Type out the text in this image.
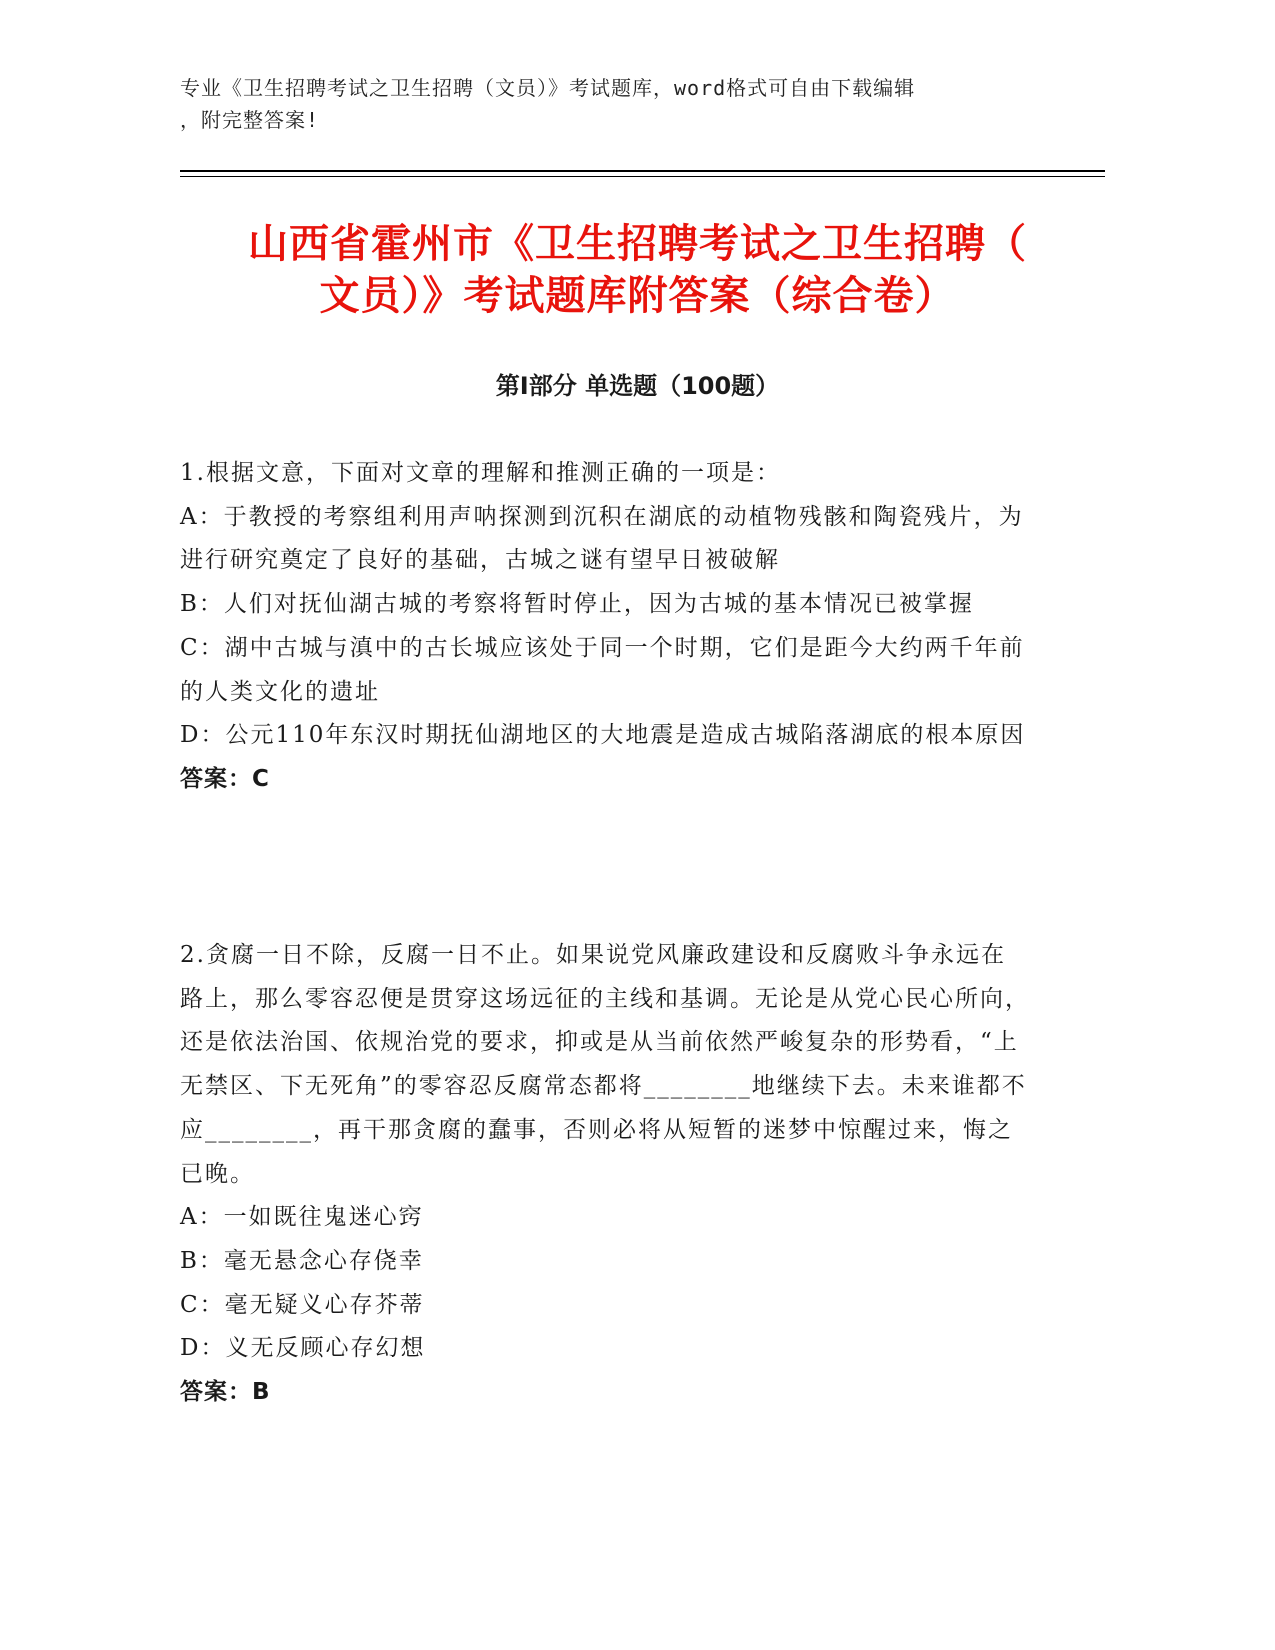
专业《卫生招聘考试之卫生招聘（文员）》考试题库，word格式可自由下载编辑
，附完整答案!
山西省霍州市《卫生招聘考试之卫生招聘（
文员）》考试题库附答案（综合卷）
第I部分 单选题（100题）

1.根据文意，下面对文章的理解和推测正确的一项是：

A：于教授的考察组利用声呐探测到沉积在湖底的动植物残骸和陶瓷残片，为进行研究奠定了良好的基础，古城之谜有望早日被破解

B：人们对抚仙湖古城的考察将暂时停止，因为古城的基本情况已被掌握

C：湖中古城与滇中的古长城应该处于同一个时期，它们是距今大约两千年前的人类文化的遗址

D：公元110年东汉时期抚仙湖地区的大地震是造成古城陷落湖底的根本原因

答案：C

2.贪腐一日不除，反腐一日不止。如果说党风廉政建设和反腐败斗争永远在路上，那么零容忍便是贯穿这场远征的主线和基调。无论是从党心民心所向，还是依法治国、依规治党的要求，抑或是从当前依然严峻复杂的形势看，“上无禁区、下无死角”的零容忍反腐常态都将________地继续下去。未来谁都不应________，再干那贪腐的蠢事，否则必将从短暂的迷梦中惊醒过来，悔之已晚。

A：一如既往鬼迷心窍

B：毫无悬念心存侥幸

C：毫无疑义心存芥蒂

D：义无反顾心存幻想

答案：B
